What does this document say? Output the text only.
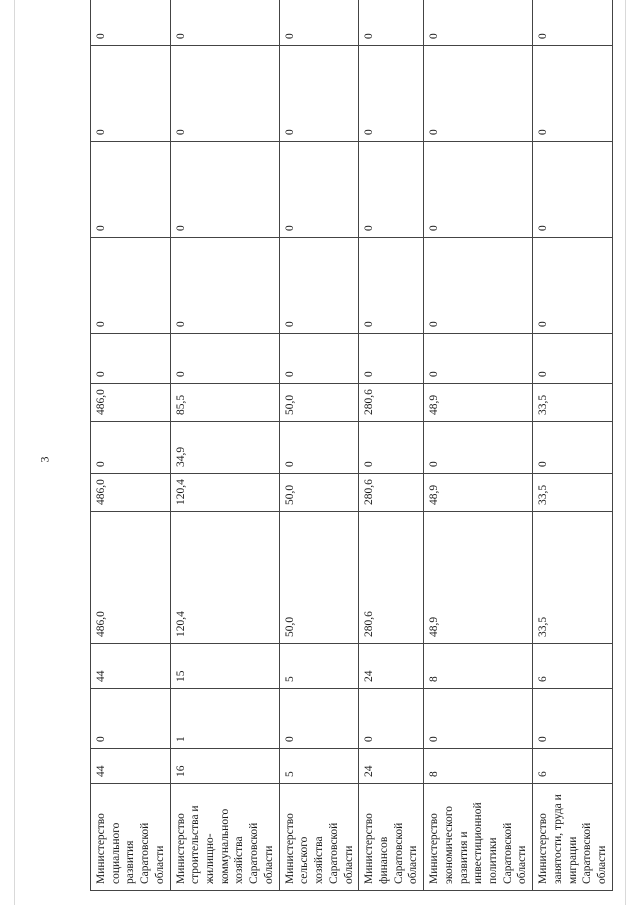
3
Министерство социального развития Саратовской области	44	0	44	486,0	486,0	0	486,0	0	0	0	0	0
Министерство строительства и жилищно-коммунального хозяйства Саратовской области	16	1	15	120,4	120,4	34,9	85,5	0	0	0	0	0
Министерство сельского хозяйства Саратовской области	5	0	5	50,0	50,0	0	50,0	0	0	0	0	0
Министерство финансов Саратовской области	24	0	24	280,6	280,6	0	280,6	0	0	0	0	0
Министерство экономического развития и инвестиционной политики Саратовской области	8	0	8	48,9	48,9	0	48,9	0	0	0	0	0
Министерство занятости, труда и миграции Саратовской области	6	0	6	33,5	33,5	0	33,5	0	0	0	0	0
